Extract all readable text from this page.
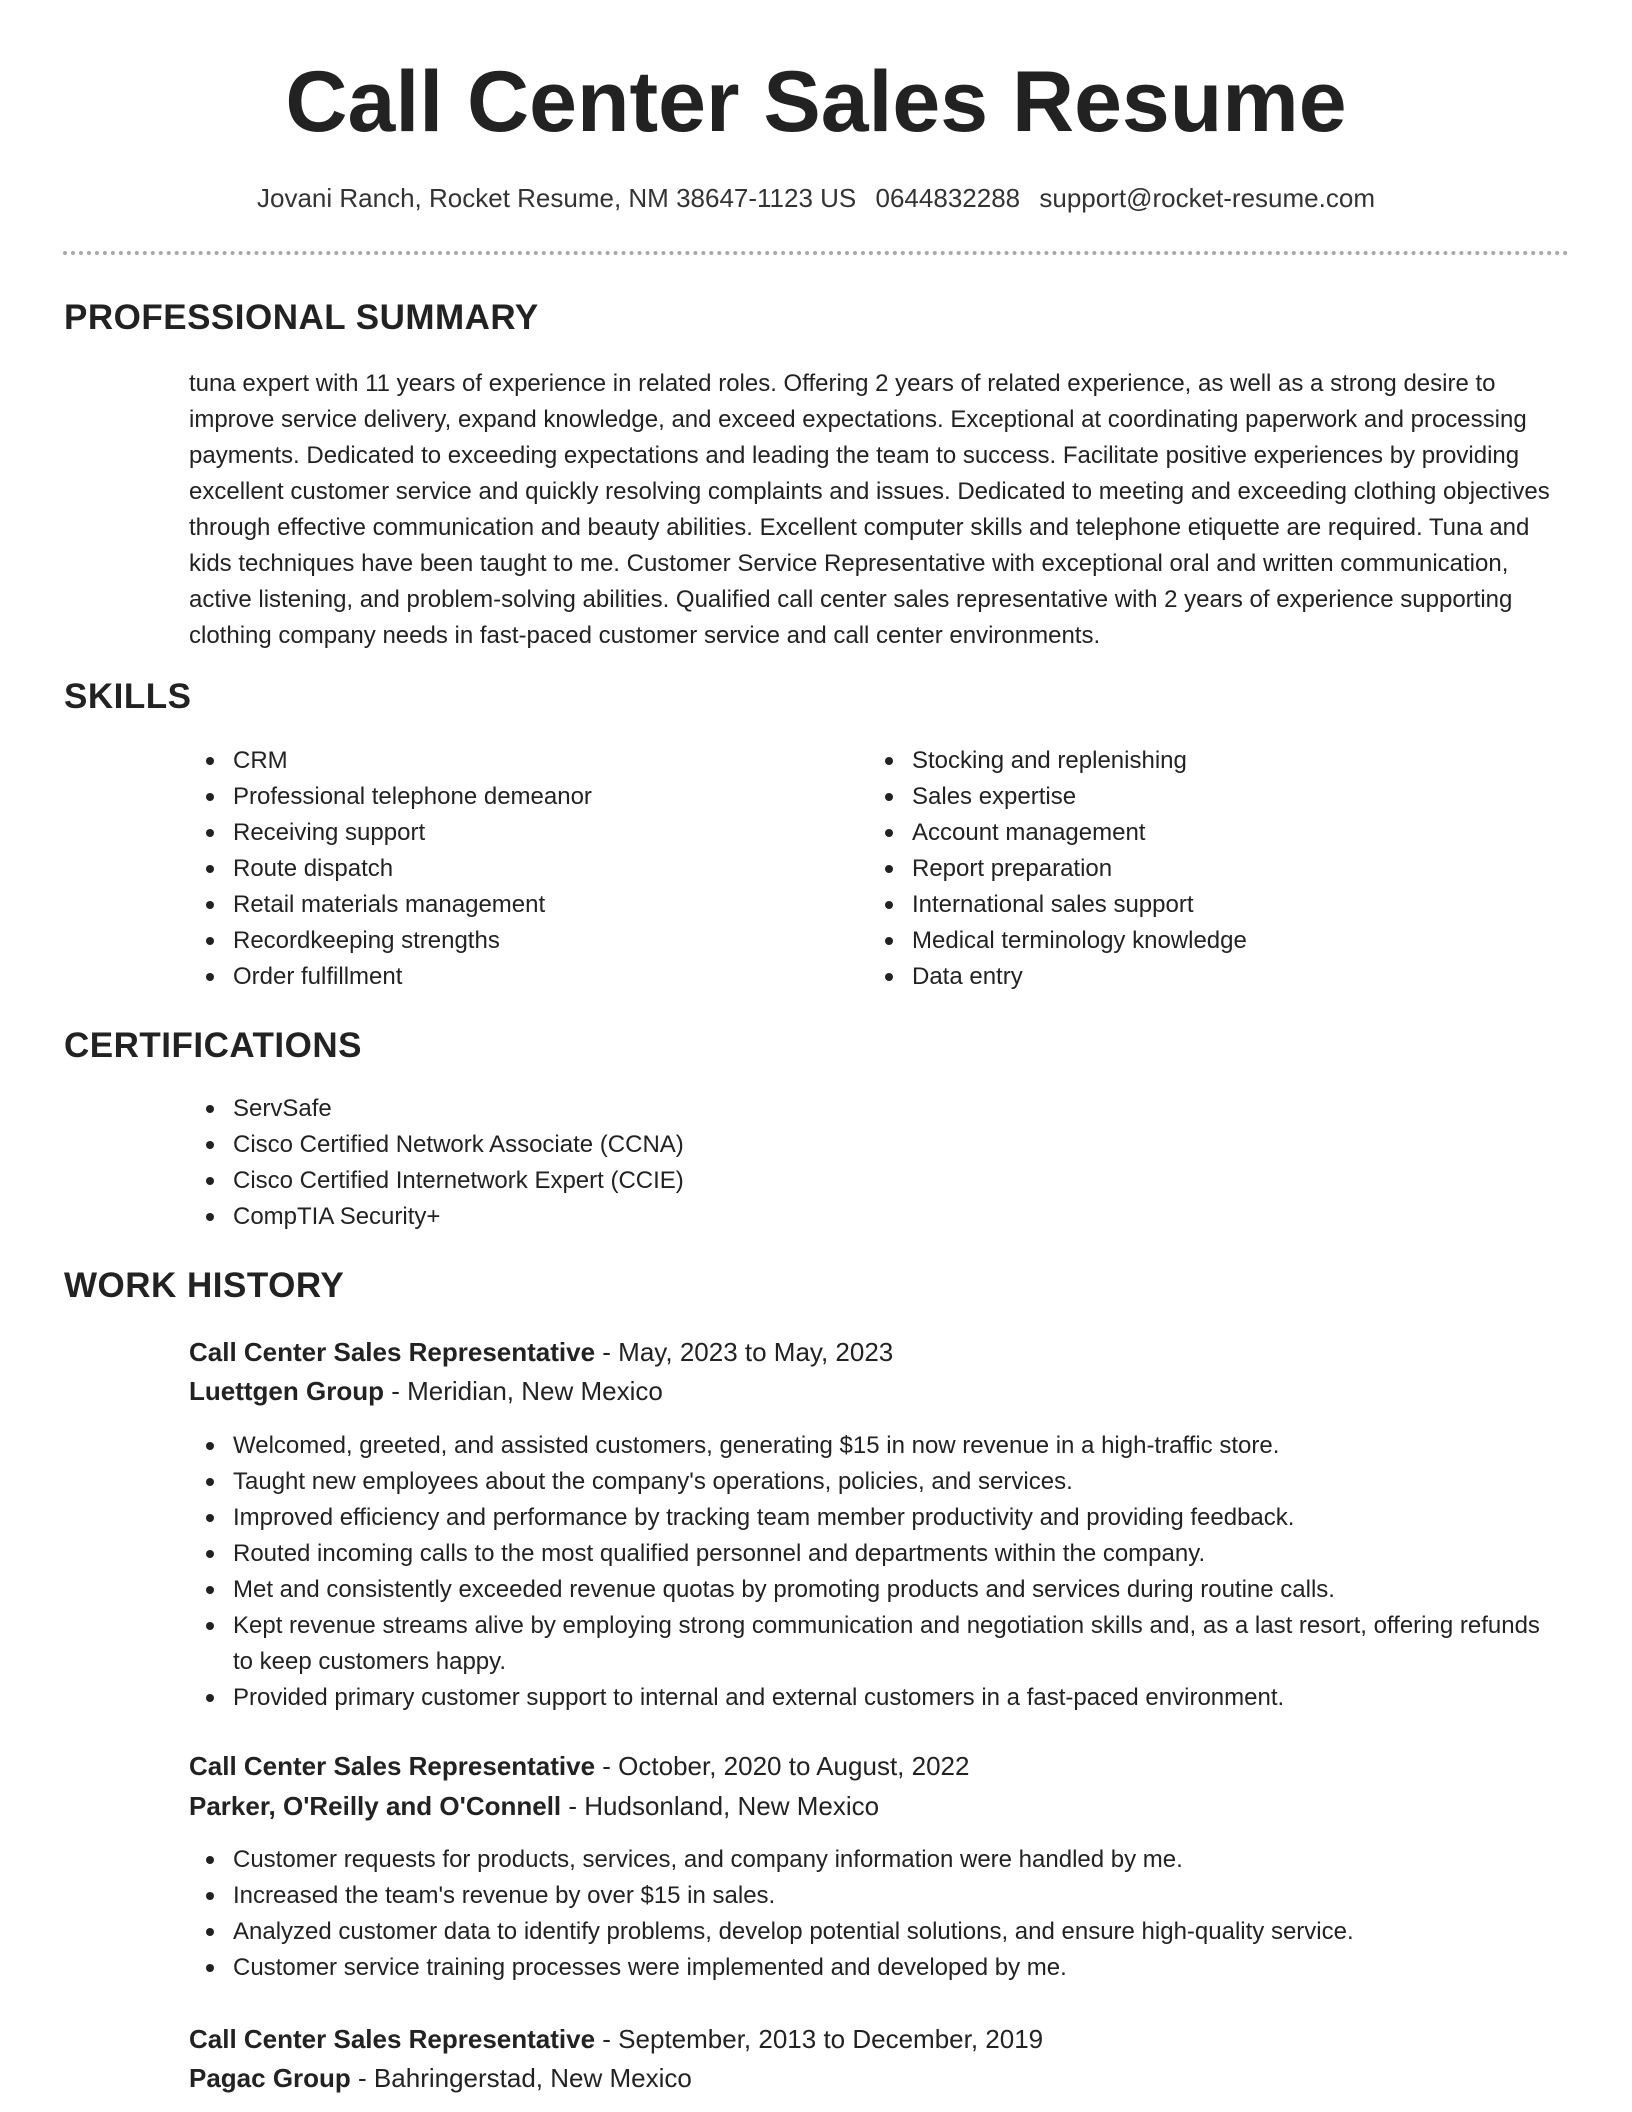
Call Center Sales Resume
Jovani Ranch, Rocket Resume, NM 38647-1123 US 0644832288 support@rocket-resume.com
PROFESSIONAL SUMMARY
tuna expert with 11 years of experience in related roles. Offering 2 years of related experience, as well as a strong desire to improve service delivery, expand knowledge, and exceed expectations. Exceptional at coordinating paperwork and processing payments. Dedicated to exceeding expectations and leading the team to success. Facilitate positive experiences by providing excellent customer service and quickly resolving complaints and issues. Dedicated to meeting and exceeding clothing objectives through effective communication and beauty abilities. Excellent computer skills and telephone etiquette are required. Tuna and kids techniques have been taught to me. Customer Service Representative with exceptional oral and written communication, active listening, and problem-solving abilities. Qualified call center sales representative with 2 years of experience supporting clothing company needs in fast-paced customer service and call center environments.
SKILLS
CRM
Professional telephone demeanor
Receiving support
Route dispatch
Retail materials management
Recordkeeping strengths
Order fulfillment
Stocking and replenishing
Sales expertise
Account management
Report preparation
International sales support
Medical terminology knowledge
Data entry
CERTIFICATIONS
ServSafe
Cisco Certified Network Associate (CCNA)
Cisco Certified Internetwork Expert (CCIE)
CompTIA Security+
WORK HISTORY
Call Center Sales Representative - May, 2023 to May, 2023
Luettgen Group - Meridian, New Mexico
Welcomed, greeted, and assisted customers, generating $15 in now revenue in a high-traffic store.
Taught new employees about the company's operations, policies, and services.
Improved efficiency and performance by tracking team member productivity and providing feedback.
Routed incoming calls to the most qualified personnel and departments within the company.
Met and consistently exceeded revenue quotas by promoting products and services during routine calls.
Kept revenue streams alive by employing strong communication and negotiation skills and, as a last resort, offering refunds to keep customers happy.
Provided primary customer support to internal and external customers in a fast-paced environment.
Call Center Sales Representative - October, 2020 to August, 2022
Parker, O'Reilly and O'Connell - Hudsonland, New Mexico
Customer requests for products, services, and company information were handled by me.
Increased the team's revenue by over $15 in sales.
Analyzed customer data to identify problems, develop potential solutions, and ensure high-quality service.
Customer service training processes were implemented and developed by me.
Call Center Sales Representative - September, 2013 to December, 2019
Pagac Group - Bahringerstad, New Mexico
